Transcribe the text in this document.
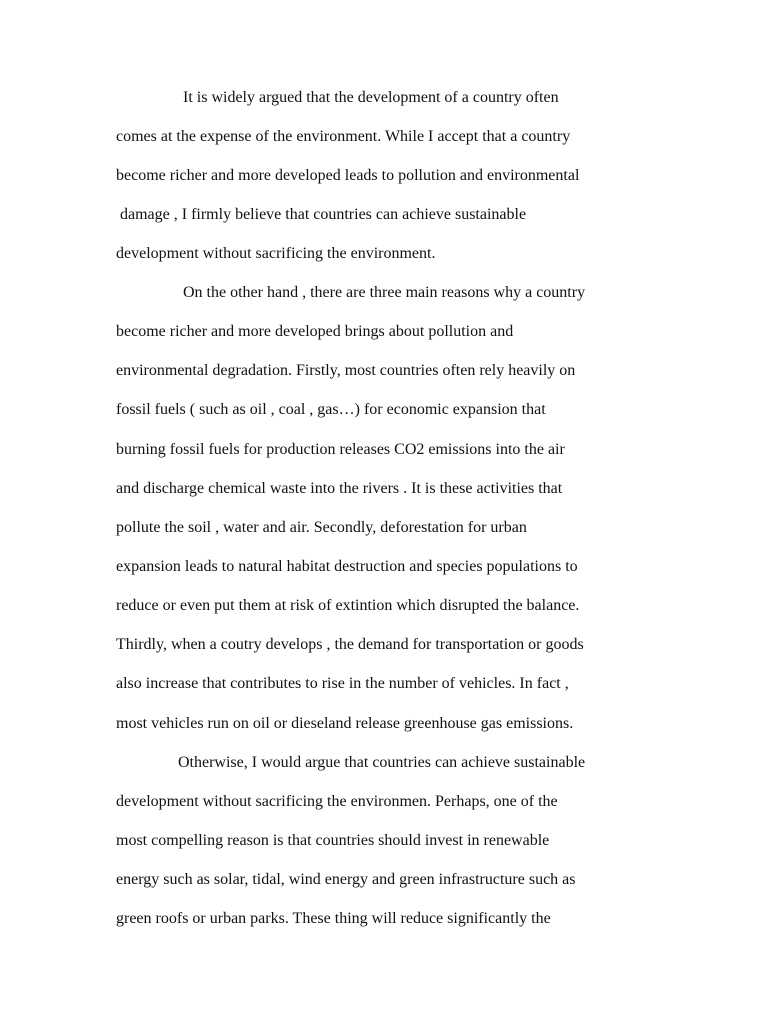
It is widely argued that the development of a country often

comes at the expense of the environment. While I accept that a country

become richer and more developed leads to pollution and environmental

damage , I firmly believe that countries can achieve sustainable

development without sacrificing the environment.

On the other hand , there are three main reasons why a country

become richer and more developed brings about pollution and

environmental degradation. Firstly, most countries often rely heavily on

fossil fuels ( such as oil , coal , gas…) for economic expansion that

burning fossil fuels for production releases CO2 emissions into the air

and discharge chemical waste into the rivers . It is these activities that

pollute the soil , water and air. Secondly, deforestation for urban

expansion leads to natural habitat destruction and species populations to

reduce or even put them at risk of extintion which disrupted the balance.

Thirdly, when a coutry develops , the demand for transportation or goods

also increase that contributes to rise in the number of vehicles. In fact ,

most vehicles run on oil or dieseland release greenhouse gas emissions.

Otherwise, I would argue that countries can achieve sustainable

development without sacrificing the environmen. Perhaps, one of the

most compelling reason is that countries should invest in renewable

energy such as solar, tidal, wind energy and green infrastructure such as

green roofs or urban parks. These thing will reduce significantly the
